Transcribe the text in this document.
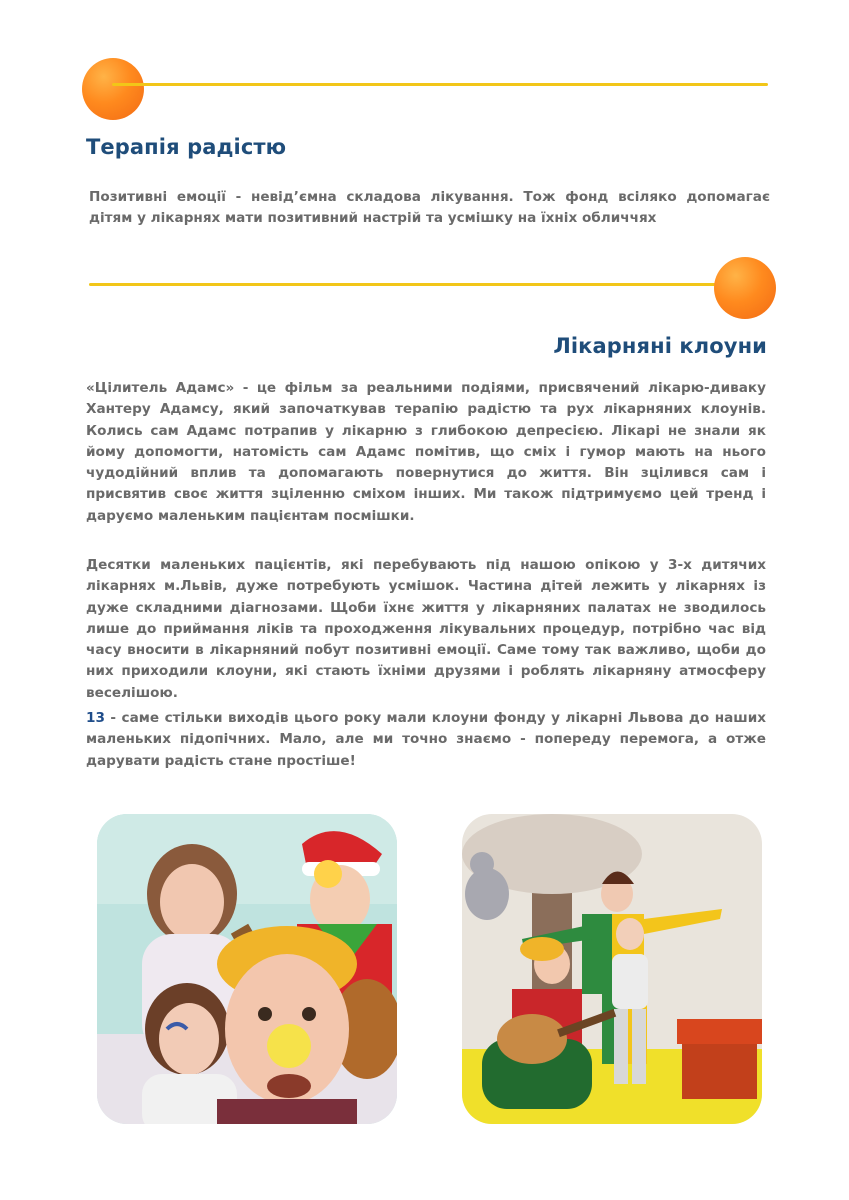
Терапія радістю

Позитивні емоції - невід’ємна складова лікування. Тож фонд всіляко допомагає дітям у лікарнях мати позитивний настрій та усмішку на їхніх обличчях

Лікарняні клоуни

«Цілитель Адамс» - це фільм за реальними подіями, присвячений лікарю-диваку Хантеру Адамсу, який започаткував терапію радістю та рух лікарняних клоунів. Колись сам Адамс потрапив у лікарню з глибокою депресією. Лікарі не знали як йому допомогти, натомість сам Адамс помітив, що сміх і гумор мають на нього чудодійний вплив та допомагають повернутися до життя. Він зцілився сам і присвятив своє життя зціленню сміхом інших. Ми також підтримуємо цей тренд і даруємо маленьким пацієнтам посмішки.

Десятки маленьких пацієнтів, які перебувають під нашою опікою у 3-х дитячих лікарнях м.Львів, дуже потребують усмішок. Частина дітей лежить у лікарнях із дуже складними діагнозами. Щоби їхнє життя у лікарняних палатах не зводилось лише до приймання ліків та проходження лікувальних процедур, потрібно час від часу вносити в лікарняний побут позитивні емоції. Саме тому так важливо, щоби до них приходили клоуни, які стають їхніми друзями і роблять лікарняну атмосферу веселішою.

13 - саме стільки виходів цього року мали клоуни фонду у лікарні Львова до наших маленьких підопічних. Мало, але ми точно знаємо - попереду перемога, а отже дарувати радість стане простіше!
